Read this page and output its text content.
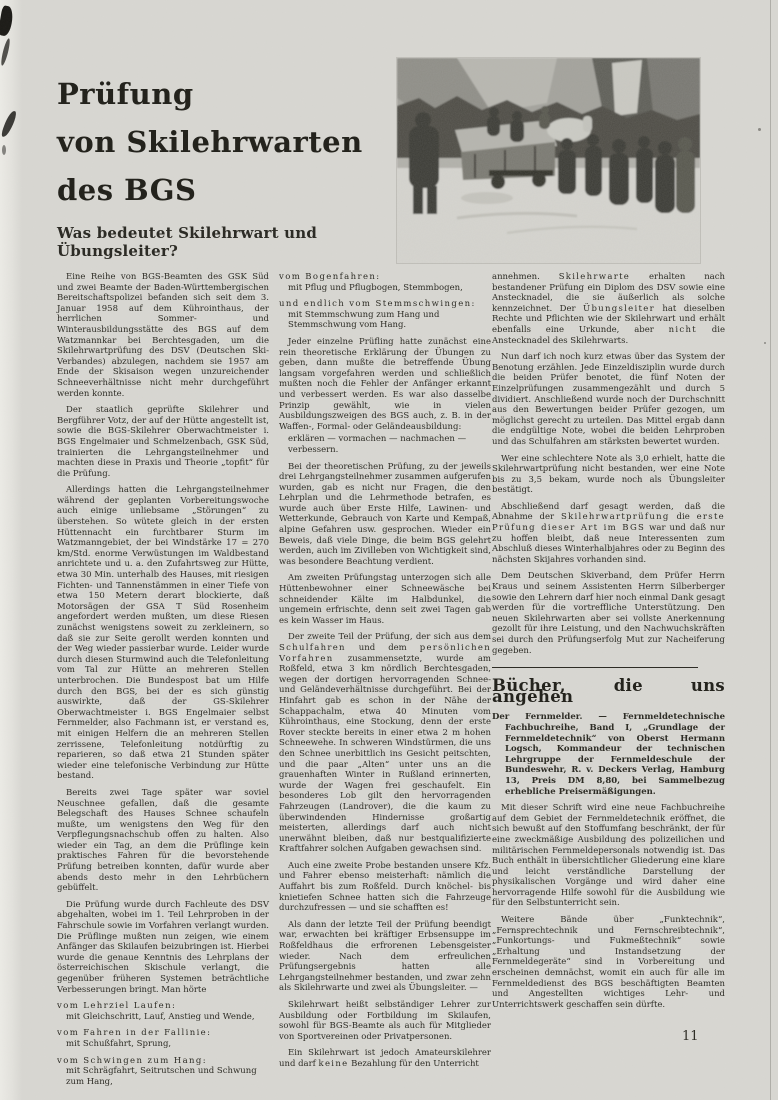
Prüfung
von Skilehrwarten
des BGS
Was bedeutet Skilehrwart und Übungsleiter?

Eine Reihe von BGS-Beamten des GSK Süd und zwei Beamte der Baden-Württembergischen Bereitschaftspolizei befanden sich seit dem 3. Januar 1958 auf dem Kührointhaus, der herrlichen Sommer- und Winterausbildungsstätte des BGS auf dem Watzmannkar bei Berchtesgaden, um die Skilehrwartprüfung des DSV (Deutschen Ski-Verbandes) abzulegen, nachdem sie 1957 am Ende der Skisaison wegen unzureichender Schneeverhältnisse nicht mehr durchgeführt werden konnte.

Der staatlich geprüfte Skilehrer und Bergführer Votz, der auf der Hütte angestellt ist, sowie die BGS-Skilehrer Oberwachtmeister i. BGS Engelmaier und Schmelzenbach, GSK Süd, trainierten die Lehrgangsteilnehmer und machten diese in Praxis und Theorie „topfit“ für die Prüfung.

Allerdings hatten die Lehrgangsteilnehmer während der geplanten Vorbereitungswoche auch einige unliebsame „Störungen“ zu überstehen. So wütete gleich in der ersten Hüttennacht ein furchtbarer Sturm im Watzmanngebiet, der bei Windstärke 17 = 270 km/Std. enorme Verwüstungen im Waldbestand anrichtete und u. a. den Zufahrtsweg zur Hütte, etwa 30 Min. unterhalb des Hauses, mit riesigen Fichten- und Tannenstämmen in einer Tiefe von etwa 150 Metern derart blockierte, daß Motorsägen der GSA T Süd Rosenheim angefordert werden mußten, um diese Riesen zunächst wenigstens soweit zu zerkleinern, so daß sie zur Seite gerollt werden konnten und der Weg wieder passierbar wurde. Leider wurde durch diesen Sturmwind auch die Telefonleitung vom Tal zur Hütte an mehreren Stellen unterbrochen. Die Bundespost bat um Hilfe durch den BGS, bei der es sich günstig auswirkte, daß der GS-Skilehrer Oberwachtmeister i. BGS Engelmaier selbst Fernmelder, also Fachmann ist, er verstand es, mit einigen Helfern die an mehreren Stellen zerrissene, Telefonleitung notdürftig zu reparieren, so daß etwa 21 Stunden später wieder eine telefonische Verbindung zur Hütte bestand.

Bereits zwei Tage später war soviel Neuschnee gefallen, daß die gesamte Belegschaft des Hauses Schnee schaufeln mußte, um wenigstens den Weg für den Verpflegungsnachschub offen zu halten. Also wieder ein Tag, an dem die Prüflinge kein praktisches Fahren für die bevorstehende Prüfung betreiben konnten, dafür wurde aber abends desto mehr in den Lehrbüchern gebüffelt.

Die Prüfung wurde durch Fachleute des DSV abgehalten, wobei im 1. Teil Lehrproben in der Fahrschule sowie im Vorfahren verlangt wurden. Die Prüflinge mußten nun zeigen, wie einem Anfänger das Skilaufen beizubringen ist. Hierbei wurde die genaue Kenntnis des Lehrplans der österreichischen Skischule verlangt, die gegenüber früheren Systemen beträchtliche Verbesserungen bringt. Man hörte

vom Lehrziel Laufen:
mit Gleichschritt, Lauf, Anstieg und Wende,
vom Fahren in der Fallinie:
mit Schußfahrt, Sprung,
vom Schwingen zum Hang:
mit Schrägfahrt, Seitrutschen und Schwung zum Hang,
vom Bogenfahren:
mit Pflug und Pflugbogen, Stemmbogen,
und endlich vom Stemmschwingen:
mit Stemmschwung zum Hang und Stemmschwung vom Hang.

Jeder einzelne Prüfling hatte zunächst eine rein theoretische Erklärung der Übungen zu geben, dann mußte die betreffende Übung langsam vorgefahren werden und schließlich mußten noch die Fehler der Anfänger erkannt und verbessert werden. Es war also dasselbe Prinzip gewählt, wie in vielen Ausbildungszweigen des BGS auch, z. B. in der Waffen-, Formal- oder Geländeausbildung:

erklären — vormachen — nachmachen — verbessern.

Bei der theoretischen Prüfung, zu der jeweils drei Lehrgangsteilnehmer zusammen aufgerufen wurden, gab es nicht nur Fragen, die den Lehrplan und die Lehrmethode betrafen, es wurde auch über Erste Hilfe, Lawinen- und Wetterkunde, Gebrauch von Karte und Kempaß, alpine Gefahren usw. gesprochen. Wieder ein Beweis, daß viele Dinge, die beim BGS gelehrt werden, auch im Zivilleben von Wichtigkeit sind, was besondere Beachtung verdient.

Am zweiten Prüfungstag unterzogen sich alle Hüttenbewohner einer Schneewäsche bei schneidender Kälte im Halbdunkel, die ungemein erfrischte, denn seit zwei Tagen gab es kein Wasser im Haus.

Der zweite Teil der Prüfung, der sich aus dem Schulfahren und dem persönlichen Vorfahren zusammensetzte, wurde am Roßfeld, etwa 3 km nördlich Berchtesgaden, wegen der dortigen hervorragenden Schnee- und Geländeverhältnisse durchgeführt. Bei der Hinfahrt gab es schon in der Nähe der Schappachalm, etwa 40 Minuten vom Kührointhaus, eine Stockung, denn der erste Rover steckte bereits in einer etwa 2 m hohen Schneewehe. In schweren Windstürmen, die uns den Schnee unerbittlich ins Gesicht peitschten, und die paar „Alten“ unter uns an die grauenhaften Winter in Rußland erinnerten, wurde der Wagen frei geschaufelt. Ein besonderes Lob gilt den hervorragenden Fahrzeugen (Landrover), die die kaum zu überwindenden Hindernisse großartig meisterten, allerdings darf auch nicht unerwähnt bleiben, daß nur bestqualifizierte Kraftfahrer solchen Aufgaben gewachsen sind.

Auch eine zweite Probe bestanden unsere Kfz. und Fahrer ebenso meisterhaft: nämlich die Auffahrt bis zum Roßfeld. Durch knöchel- bis knietiefen Schnee hatten sich die Fahrzeuge durchzufressen — und sie schafften es!

Als dann der letzte Teil der Prüfung beendigt war, erwachten bei kräftiger Erbsensuppe im Roßfeldhaus die erfrorenen Lebensgeister wieder. Nach dem erfreulichen Prüfungsergebnis hatten alle Lehrgangsteilnehmer bestanden, und zwar zehn als Skilehrwarte und zwei als Übungsleiter. —

Skilehrwart heißt selbständiger Lehrer zur Ausbildung oder Fortbildung im Skilaufen, sowohl für BGS-Beamte als auch für Mitglieder von Sportvereinen oder Privatpersonen.

Ein Skilehrwart ist jedoch Amateurskilehrer und darf keine Bezahlung für den Unterricht

annehmen. Skilehrwarte erhalten nach bestandener Prüfung ein Diplom des DSV sowie eine Anstecknadel, die sie äußerlich als solche kennzeichnet. Der Übungsleiter hat dieselben Rechte und Pflichten wie der Skilehrwart und erhält ebenfalls eine Urkunde, aber nicht die Anstecknadel des Skilehrwarts.

Nun darf ich noch kurz etwas über das System der Benotung erzählen. Jede Einzeldisziplin wurde durch die beiden Prüfer benotet, die fünf Noten der Einzelprüfungen zusammengezählt und durch 5 dividiert. Anschließend wurde noch der Durchschnitt aus den Bewertungen beider Prüfer gezogen, um möglichst gerecht zu urteilen. Das Mittel ergab dann die endgültige Note, wobei die beiden Lehrproben und das Schulfahren am stärksten bewertet wurden.

Wer eine schlechtere Note als 3,0 erhielt, hatte die Skilehrwartprüfung nicht bestanden, wer eine Note bis zu 3,5 bekam, wurde noch als Übungsleiter bestätigt.

Abschließend darf gesagt werden, daß die Abnahme der Skilehrwartprüfung die erste Prüfung dieser Art im BGS war und daß nur zu hoffen bleibt, daß neue Interessenten zum Abschluß dieses Winterhalbjahres oder zu Beginn des nächsten Skijahres vorhanden sind.

Dem Deutschen Skiverband, dem Prüfer Herrn Kraus und seinem Assistenten Herrn Silberberger sowie den Lehrern darf hier noch einmal Dank gesagt werden für die vortreffliche Unterstützung. Den neuen Skilehrwarten aber sei vollste Anerkennung gezollt für ihre Leistung, und den Nachwuchskräften sei durch den Prüfungserfolg Mut zur Nacheiferung gegeben.

Bücher, die uns angehen

Der Fernmelder. — Fernmeldetechnische Fachbuchreihe, Band I, „Grundlage der Fernmeldetechnik“ von Oberst Hermann Logsch, Kommandeur der technischen Lehrgruppe der Fernmeldeschule der Bundeswehr, R. v. Deckers Verlag, Hamburg 13, Preis DM 8,80, bei Sammelbezug erhebliche Preisermäßigungen.

Mit dieser Schrift wird eine neue Fachbuchreihe auf dem Gebiet der Fernmeldetechnik eröffnet, die sich bewußt auf den Stoffumfang beschränkt, der für eine zweckmäßige Ausbildung des polizeilichen und militärischen Fernmeldepersonals notwendig ist. Das Buch enthält in übersichtlicher Gliederung eine klare und leicht verständliche Darstellung der physikalischen Vorgänge und wird daher eine hervorragende Hilfe sowohl für die Ausbildung wie für den Selbstunterricht sein.

Weitere Bände über „Funktechnik“, „Fernsprechtechnik und Fernschreibtechnik“, „Funkortungs- und Fukmeßtechnik“ sowie „Erhaltung und Instandsetzung der Fernmeldegeräte“ sind in Vorbereitung und erscheinen demnächst, womit ein auch für alle im Fernmeldedienst des BGS beschäftigten Beamten und Angestellten wichtiges Lehr- und Unterrichtswerk geschaffen sein dürfte.

11
